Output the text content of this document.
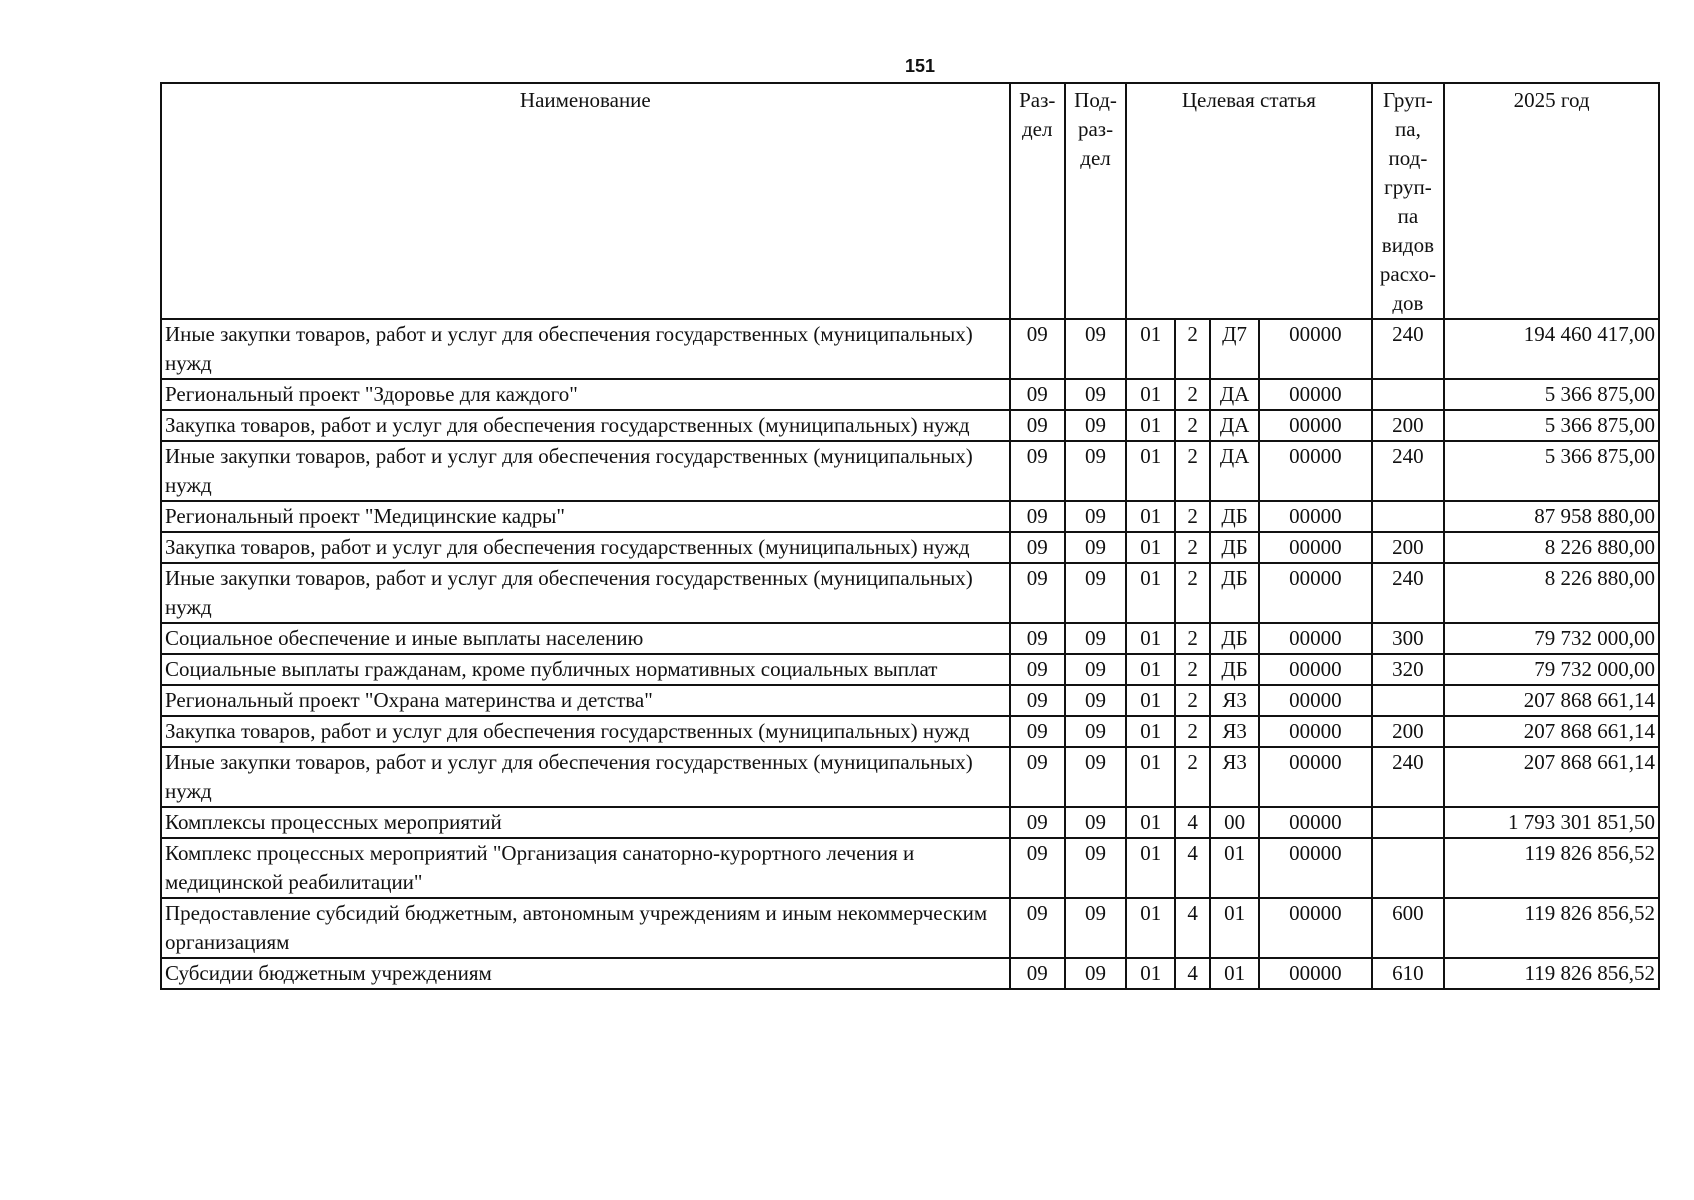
151
Наименование	Раз-дел	Под-раз-дел	Целевая статья				Груп-па, под-груп-па видов расхо-дов	2025 год
Иные закупки товаров, работ и услуг для обеспечения государственных (муниципальных) нужд	09	09	01	2	Д7	00000	240	194 460 417,00
Региональный проект "Здоровье для каждого"	09	09	01	2	ДА	00000		5 366 875,00
Закупка товаров, работ и услуг для обеспечения государственных (муниципальных) нужд	09	09	01	2	ДА	00000	200	5 366 875,00
Иные закупки товаров, работ и услуг для обеспечения государственных (муниципальных) нужд	09	09	01	2	ДА	00000	240	5 366 875,00
Региональный проект "Медицинские кадры"	09	09	01	2	ДБ	00000		87 958 880,00
Закупка товаров, работ и услуг для обеспечения государственных (муниципальных) нужд	09	09	01	2	ДБ	00000	200	8 226 880,00
Иные закупки товаров, работ и услуг для обеспечения государственных (муниципальных) нужд	09	09	01	2	ДБ	00000	240	8 226 880,00
Социальное обеспечение и иные выплаты населению	09	09	01	2	ДБ	00000	300	79 732 000,00
Социальные выплаты гражданам, кроме публичных нормативных социальных выплат	09	09	01	2	ДБ	00000	320	79 732 000,00
Региональный проект "Охрана материнства и детства"	09	09	01	2	Я3	00000		207 868 661,14
Закупка товаров, работ и услуг для обеспечения государственных (муниципальных) нужд	09	09	01	2	Я3	00000	200	207 868 661,14
Иные закупки товаров, работ и услуг для обеспечения государственных (муниципальных) нужд	09	09	01	2	Я3	00000	240	207 868 661,14
Комплексы процессных мероприятий	09	09	01	4	00	00000		1 793 301 851,50
Комплекс процессных мероприятий "Организация санаторно-курортного лечения и медицинской реабилитации"	09	09	01	4	01	00000		119 826 856,52
Предоставление субсидий бюджетным, автономным учреждениям и иным некоммерческим организациям	09	09	01	4	01	00000	600	119 826 856,52
Субсидии бюджетным учреждениям	09	09	01	4	01	00000	610	119 826 856,52
